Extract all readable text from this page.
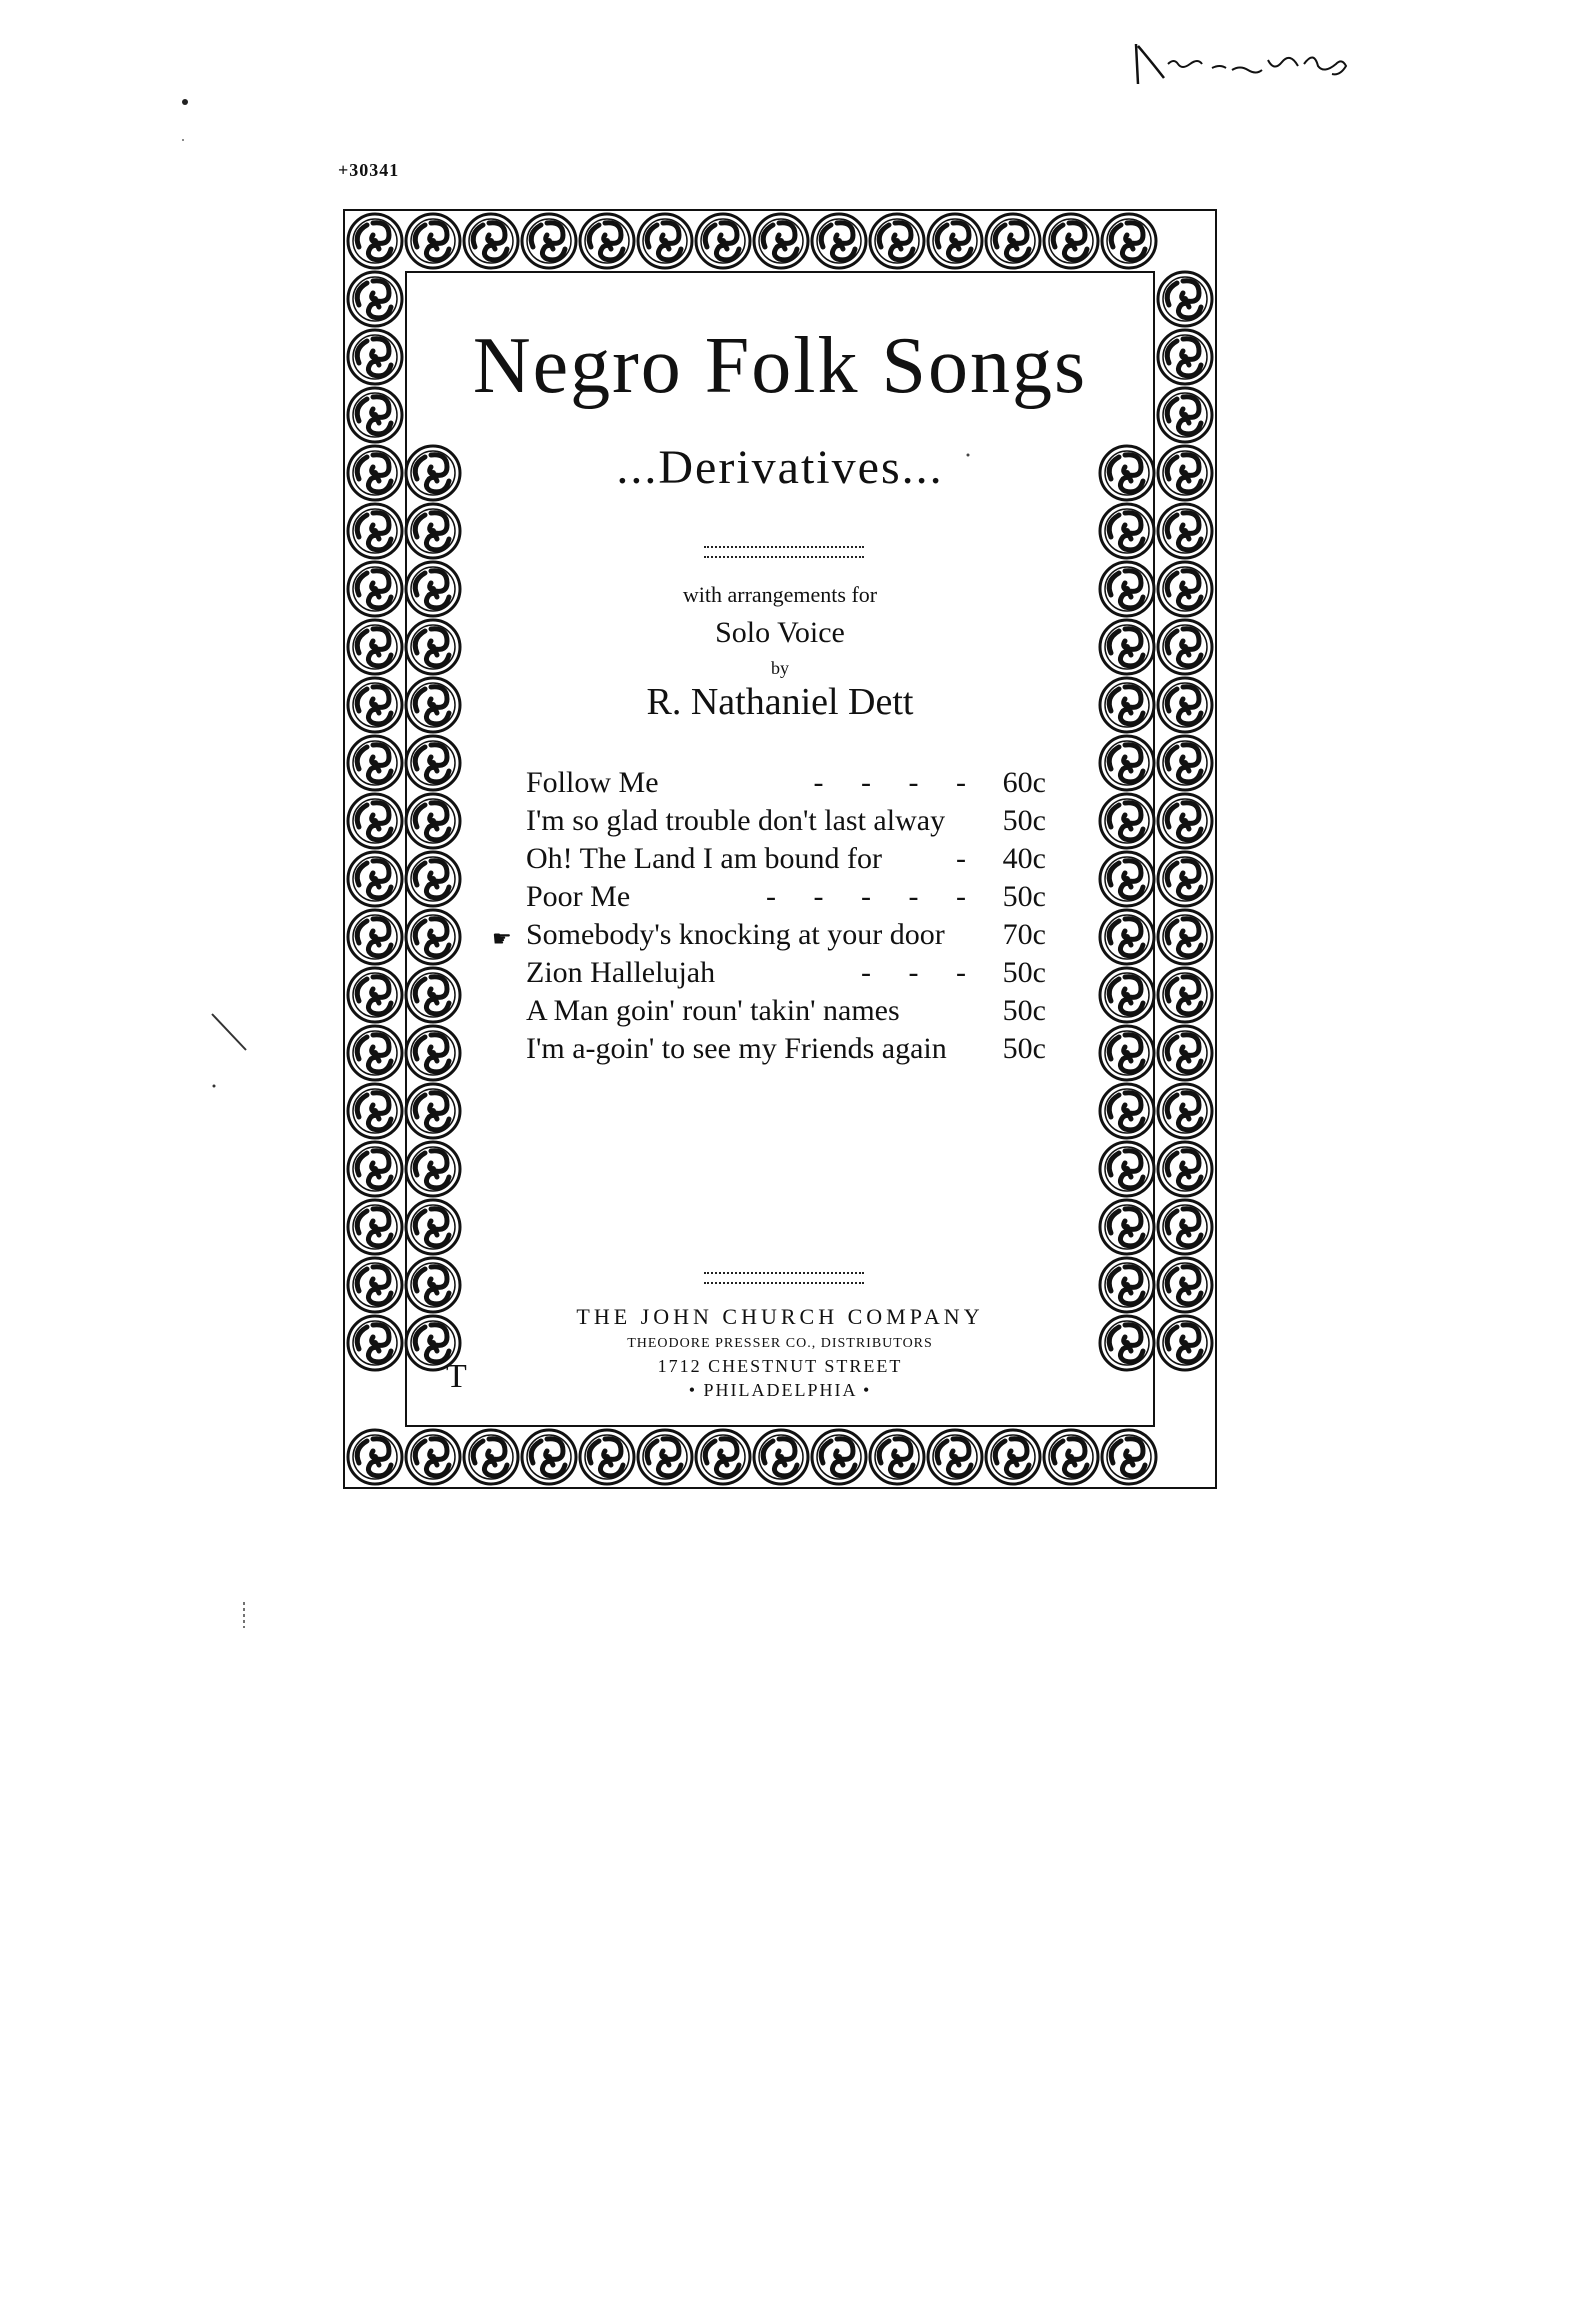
+30341
Negro Folk Songs
...Derivatives...
with arrangements for
Solo Voice
by
R. Nathaniel Dett
Follow Me	-     -     -     - 60c
I'm so glad trouble don't last alway 50c
Oh! The Land I am bound for - 40c
Poor Me	-     -     -     -     - 50c
☛ Somebody's knocking at your door 70c
Zion Hallelujah	-     -     - 50c
A Man goin' roun' takin' names	50c
I'm a-goin' to see my Friends again 50c
THE JOHN CHURCH COMPANY
THEODORE PRESSER CO., DISTRIBUTORS
1712 CHESTNUT STREET
• PHILADELPHIA •
T
